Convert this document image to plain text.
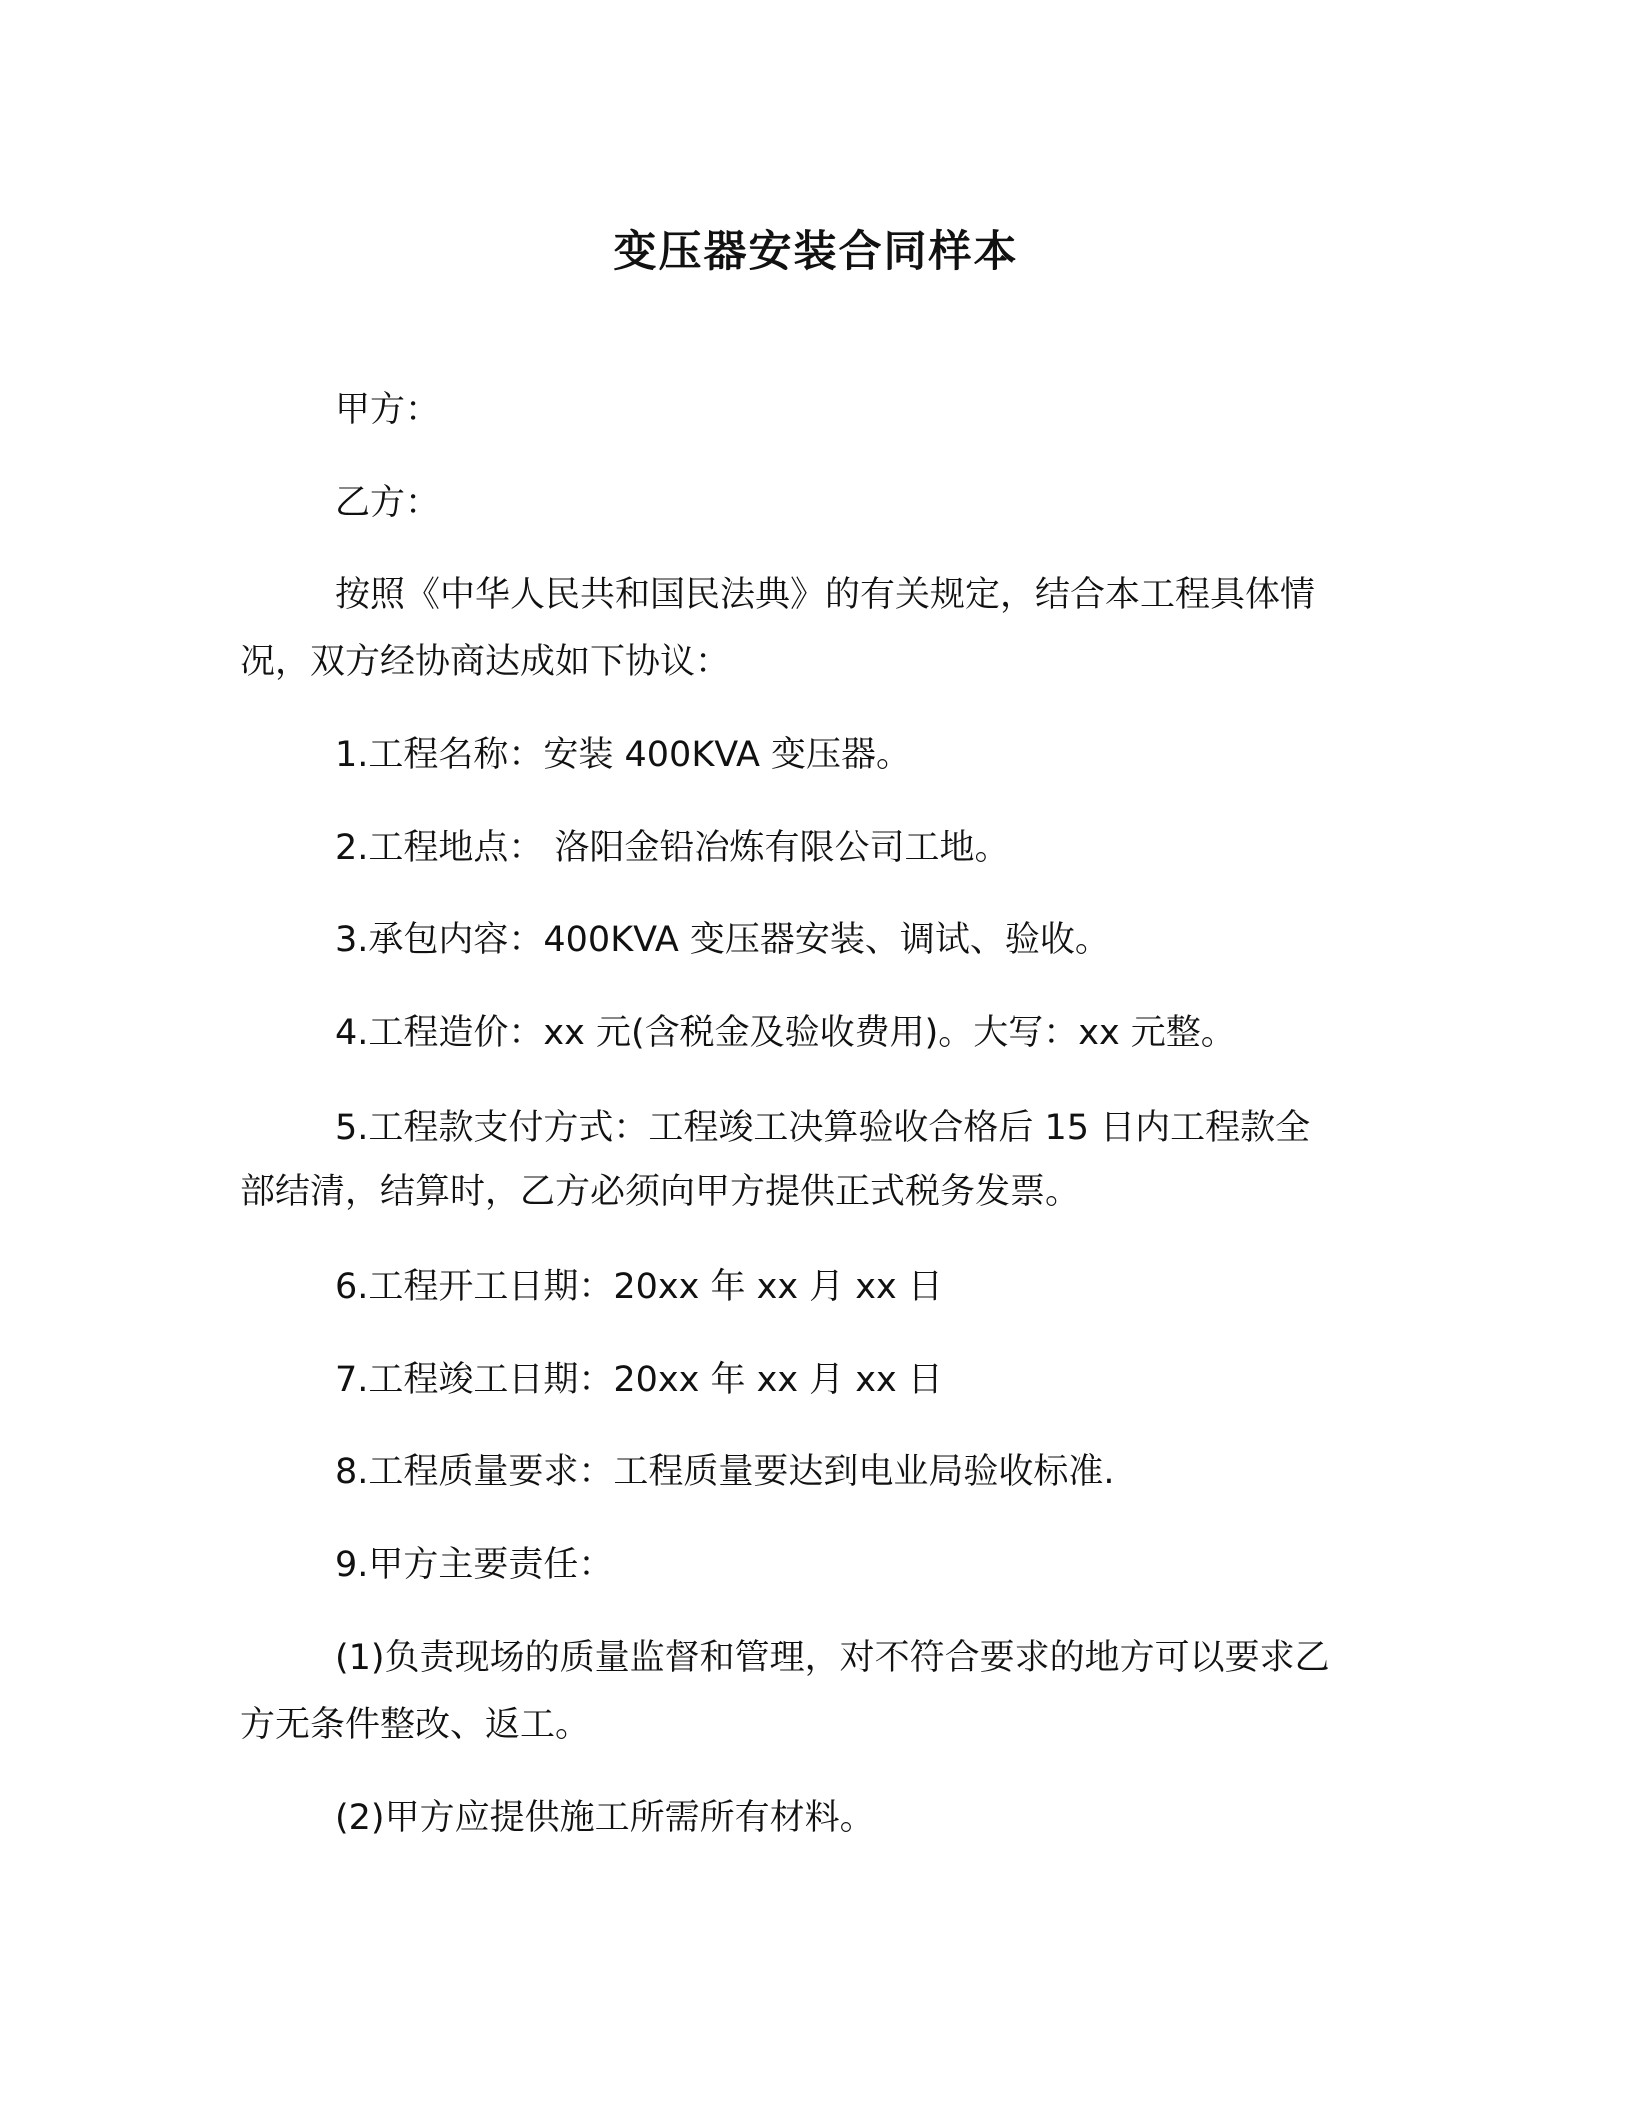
变压器安装合同样本
甲方：
乙方：
按照《中华人民共和国民法典》的有关规定，结合本工程具体情
况，双方经协商达成如下协议：
1.工程名称：安装 400KVA 变压器。
2.工程地点： 洛阳金铅冶炼有限公司工地。
3.承包内容：400KVA 变压器安装、调试、验收。
4.工程造价：xx 元(含税金及验收费用)。大写：xx 元整。
5.工程款支付方式：工程竣工决算验收合格后 15 日内工程款全
部结清，结算时，乙方必须向甲方提供正式税务发票。
6.工程开工日期：20xx 年 xx 月 xx 日
7.工程竣工日期：20xx 年 xx 月 xx 日
8.工程质量要求：工程质量要达到电业局验收标准.
9.甲方主要责任：
(1)负责现场的质量监督和管理，对不符合要求的地方可以要求乙
方无条件整改、返工。
(2)甲方应提供施工所需所有材料。
